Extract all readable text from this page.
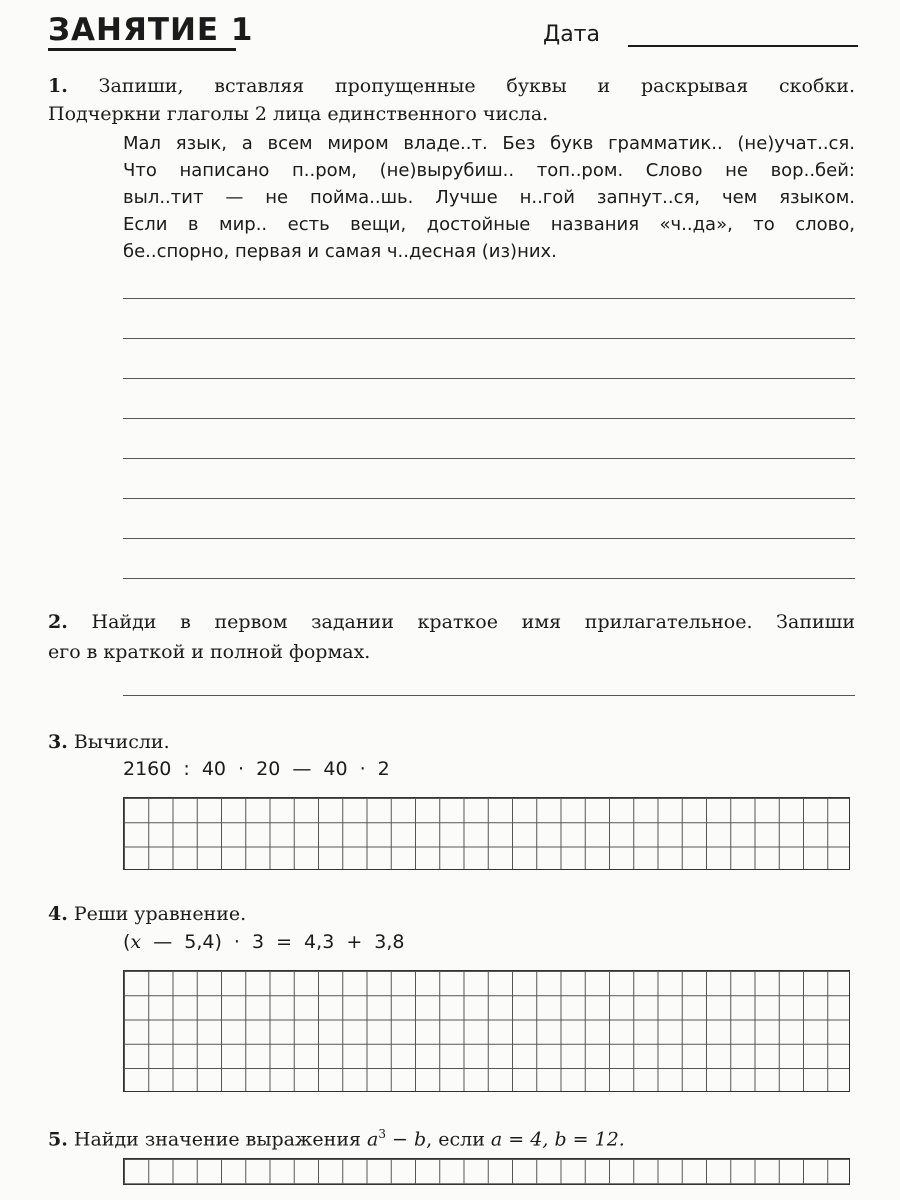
ЗАНЯТИЕ 1	Дата
1. Запиши, вставляя пропущенные буквы и раскрывая скобки.
Подчеркни глаголы 2 лица единственного числа.
Мал язык, а всем миром владе..т. Без букв грамматик.. (не)учат..ся.
Что написано п..ром, (не)вырубиш.. топ..ром. Слово не вор..бей:
выл..тит — не пойма..шь. Лучше н..гой запнут..ся, чем языком.
Если в мир.. есть вещи, достойные названия «ч..да», то слово,
бе..спорно, первая и самая ч..десная (из)них.
2. Найди в первом задании краткое имя прилагательное. Запиши
его в краткой и полной формах.
3. Вычисли.
2160 : 40 · 20 — 40 · 2
4. Реши уравнение.
(x — 5,4) · 3 = 4,3 + 3,8
5. Найди значение выражения $a^3 - b$, если a = 4, b = 12.
